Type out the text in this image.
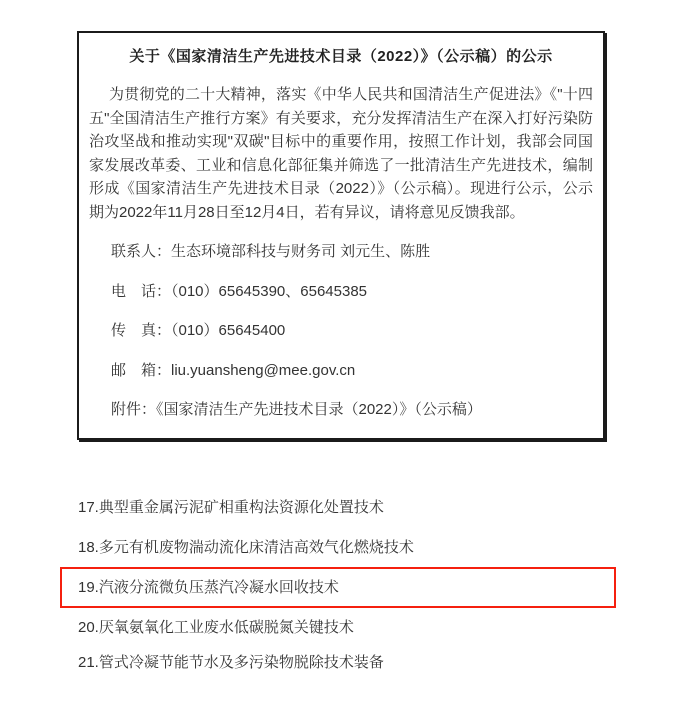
关于《国家清洁生产先进技术目录（2022）》（公示稿）的公示

为贯彻党的二十大精神，落实《中华人民共和国清洁生产促进法》《"十四五"全国清洁生产推行方案》有关要求，充分发挥清洁生产在深入打好污染防治攻坚战和推动实现"双碳"目标中的重要作用，按照工作计划，我部会同国家发展改革委、工业和信息化部征集并筛选了一批清洁生产先进技术，编制形成《国家清洁生产先进技术目录（2022）》（公示稿）。现进行公示，公示期为2022年11月28日至12月4日，若有异议，请将意见反馈我部。

联系人：生态环境部科技与财务司 刘元生、陈胜

电　话：（010）65645390、65645385

传　真：（010）65645400

邮　箱：liu.yuansheng@mee.gov.cn

附件：《国家清洁生产先进技术目录（2022）》（公示稿）

17.典型重金属污泥矿相重构法资源化处置技术
18.多元有机废物湍动流化床清洁高效气化燃烧技术
19.汽液分流微负压蒸汽冷凝水回收技术
20.厌氧氨氧化工业废水低碳脱氮关键技术
21.管式冷凝节能节水及多污染物脱除技术装备
